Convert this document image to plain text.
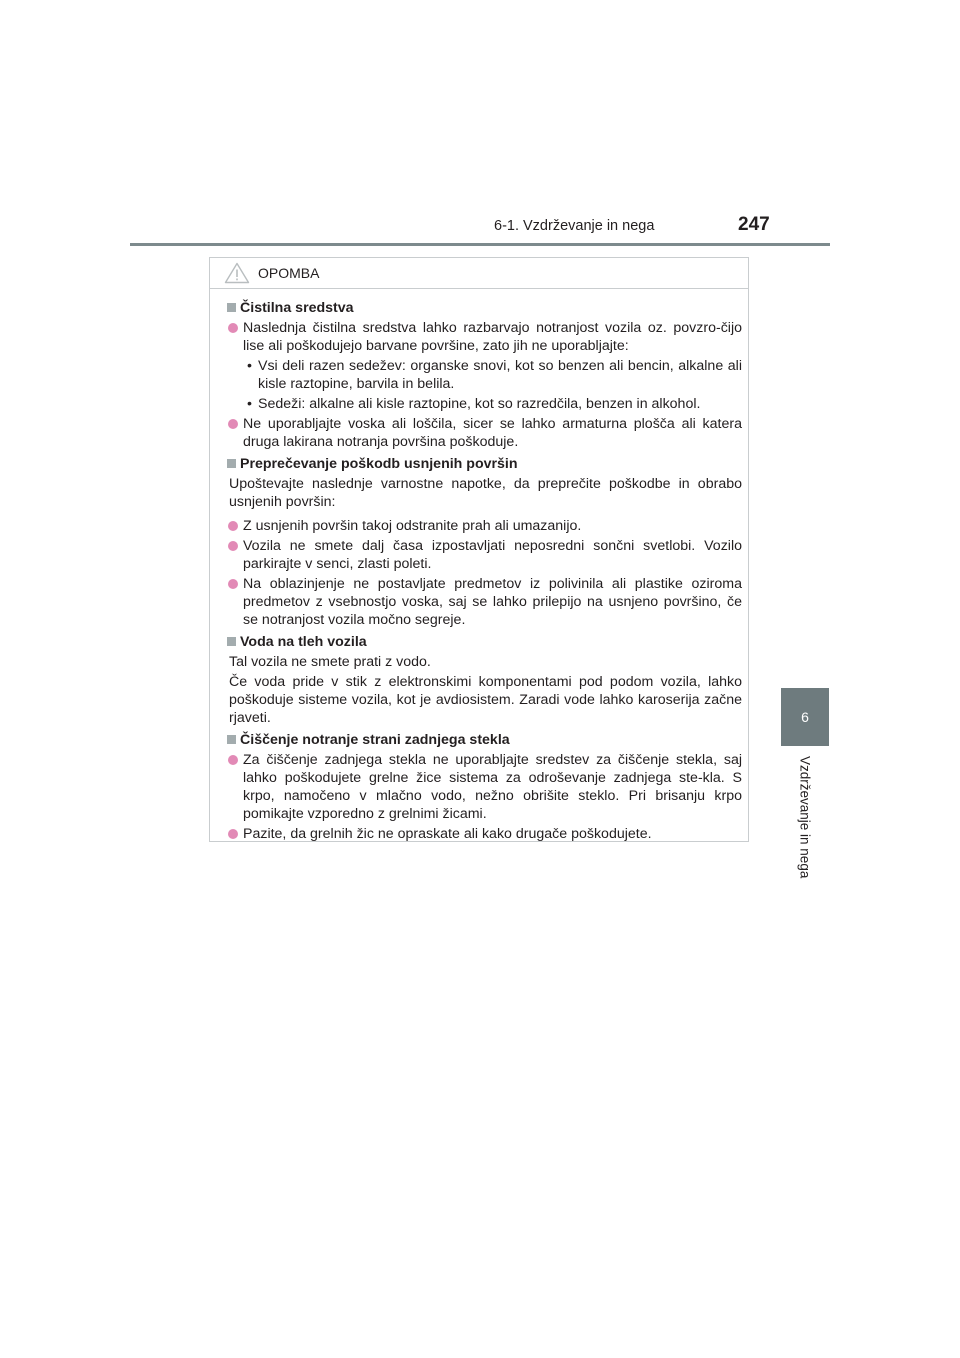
6-1. Vzdrževanje in nega	247
6
Vzdrževanje in nega
OPOMBA
Čistilna sredstva
Naslednja čistilna sredstva lahko razbarvajo notranjost vozila oz. povzro-čijo lise ali poškodujejo barvane površine, zato jih ne uporabljajte:
• Vsi deli razen sedežev: organske snovi, kot so benzen ali bencin, alkalne ali kisle raztopine, barvila in belila.
• Sedeži: alkalne ali kisle raztopine, kot so razredčila, benzen in alkohol.
Ne uporabljajte voska ali loščila, sicer se lahko armaturna plošča ali katera druga lakirana notranja površina poškoduje.
Preprečevanje poškodb usnjenih površin
Upoštevajte naslednje varnostne napotke, da preprečite poškodbe in obrabo usnjenih površin:
Z usnjenih površin takoj odstranite prah ali umazanijo.
Vozila ne smete dalj časa izpostavljati neposredni sončni svetlobi. Vozilo parkirajte v senci, zlasti poleti.
Na oblazinjenje ne postavljate predmetov iz polivinila ali plastike oziroma predmetov z vsebnostjo voska, saj se lahko prilepijo na usnjeno površino, če se notranjost vozila močno segreje.
Voda na tleh vozila
Tal vozila ne smete prati z vodo.
Če voda pride v stik z elektronskimi komponentami pod podom vozila, lahko poškoduje sisteme vozila, kot je avdiosistem. Zaradi vode lahko karoserija začne rjaveti.
Čiščenje notranje strani zadnjega stekla
Za čiščenje zadnjega stekla ne uporabljajte sredstev za čiščenje stekla, saj lahko poškodujete grelne žice sistema za odroševanje zadnjega ste-kla. S krpo, namočeno v mlačno vodo, nežno obrišite steklo. Pri brisanju krpo pomikajte vzporedno z grelnimi žicami.
Pazite, da grelnih žic ne opraskate ali kako drugače poškodujete.
